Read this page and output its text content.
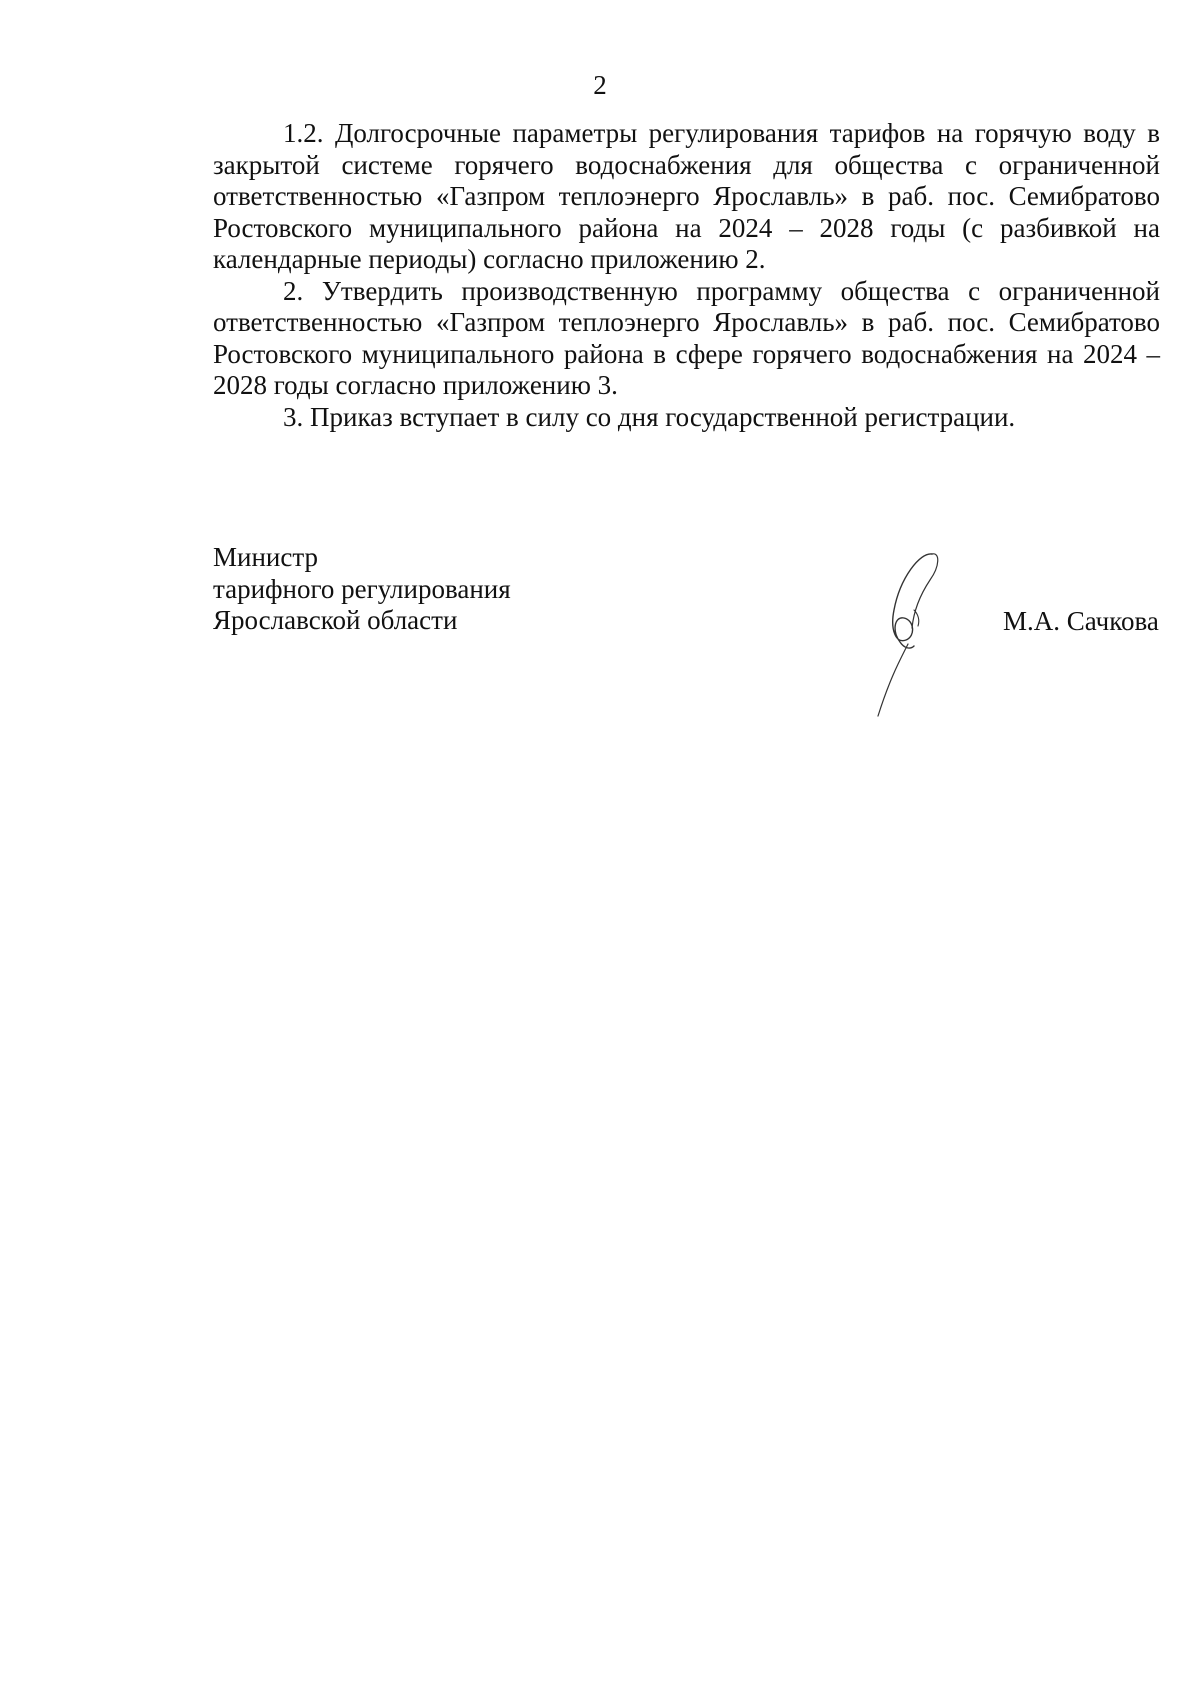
2

1.2. Долгосрочные параметры регулирования тарифов на горячую воду в закрытой системе горячего водоснабжения для общества с ограниченной ответственностью «Газпром теплоэнерго Ярославль» в раб. пос. Семибратово Ростовского муниципального района на 2024 – 2028 годы (с разбивкой на календарные периоды) согласно приложению 2.

2. Утвердить производственную программу общества с ограниченной ответственностью «Газпром теплоэнерго Ярославль» в раб. пос. Семибратово Ростовского муниципального района в сфере горячего водоснабжения на 2024 – 2028 годы согласно приложению 3.

3. Приказ вступает в силу со дня государственной регистрации.

Министр
тарифного регулирования
Ярославской области	М.А. Сачкова
